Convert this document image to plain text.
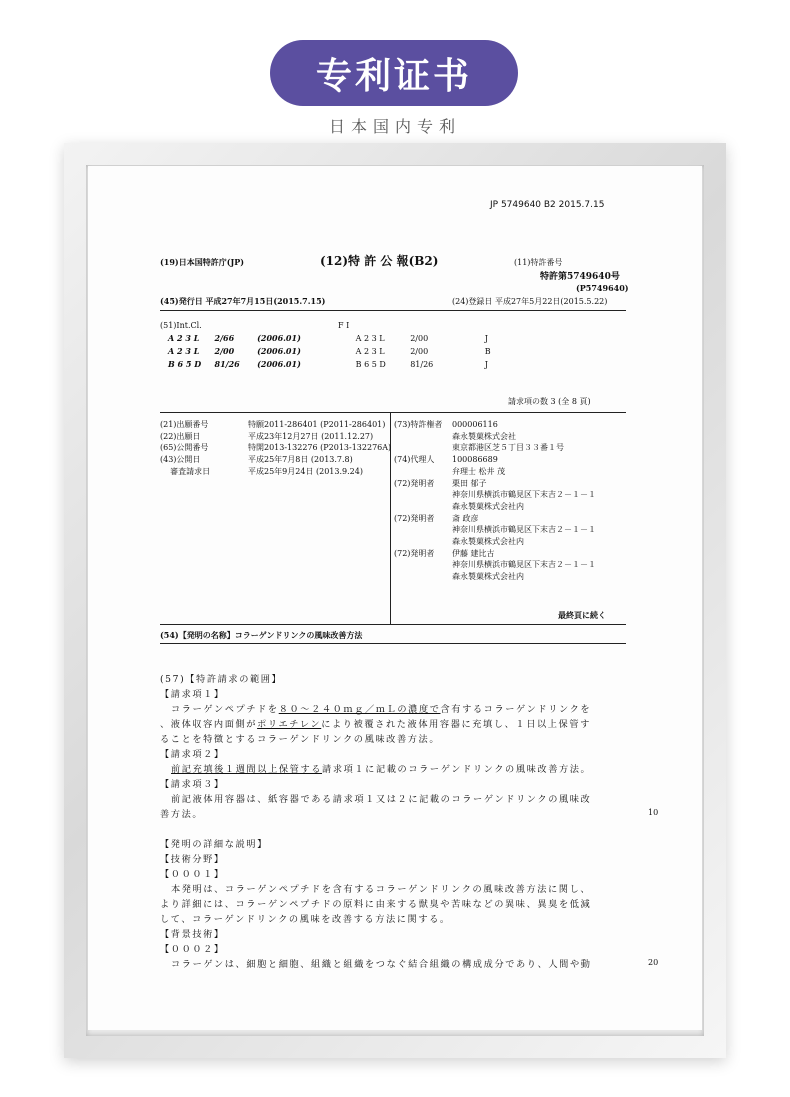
专利证书
日本国内专利
JP 5749640 B2 2015.7.15
(19)日本国特許庁(JP)	(12)特 許 公 報(B2)	(11)特許番号
特許第5749640号
(P5749640)
(45)発行日 平成27年7月15日(2015.7.15)	(24)登録日 平成27年5月22日(2015.5.22)
(51)Int.Cl.	F I
A 2 3 L 2/66	(2006.01)	A 2 3 L	2/00	J
A 2 3 L 2/00	(2006.01)	A 2 3 L	2/00	B
B 6 5 D 81/26 (2006.01)	B 6 5 D	81/26	J
請求項の数 3 (全 8 頁)
(21)出願番号	特願2011-286401 (P2011-286401)
(22)出願日	平成23年12月27日 (2011.12.27)
(65)公開番号	特開2013-132276 (P2013-132276A)
(43)公開日	平成25年7月8日 (2013.7.8)
審査請求日	平成25年9月24日 (2013.9.24)
(73)特許権者 000006116
森永製菓株式会社
東京都港区芝５丁目３３番１号
(74)代理人 100086689
弁理士 松井 茂
(72)発明者 栗田 郁子
神奈川県横浜市鶴見区下末吉２－１－１
森永製菓株式会社内
(72)発明者 斎 政彦
神奈川県横浜市鶴見区下末吉２－１－１
森永製菓株式会社内
(72)発明者 伊藤 建比古
神奈川県横浜市鶴見区下末吉２－１－１
森永製菓株式会社内
最終頁に続く
(54)【発明の名称】コラーゲンドリンクの風味改善方法
(57)【特許請求の範囲】
【請求項１】
コラーゲンペプチドを８０～２４０ｍｇ／ｍＬの濃度で含有するコラーゲンドリンクを
、液体収容内面側がポリエチレンにより被覆された液体用容器に充填し、１日以上保管す
ることを特徴とするコラーゲンドリンクの風味改善方法。
【請求項２】
前記充填後１週間以上保管する請求項１に記載のコラーゲンドリンクの風味改善方法。
【請求項３】
前記液体用容器は、紙容器である請求項１又は２に記載のコラーゲンドリンクの風味改
善方法。	10
【発明の詳細な説明】
【技術分野】
【０００１】
本発明は、コラーゲンペプチドを含有するコラーゲンドリンクの風味改善方法に関し、
より詳細には、コラーゲンペプチドの原料に由来する獣臭や苦味などの異味、異臭を低減
して、コラーゲンドリンクの風味を改善する方法に関する。
【背景技術】
【０００２】
コラーゲンは、細胞と細胞、組織と組織をつなぐ結合組織の構成成分であり、人間や動	20
